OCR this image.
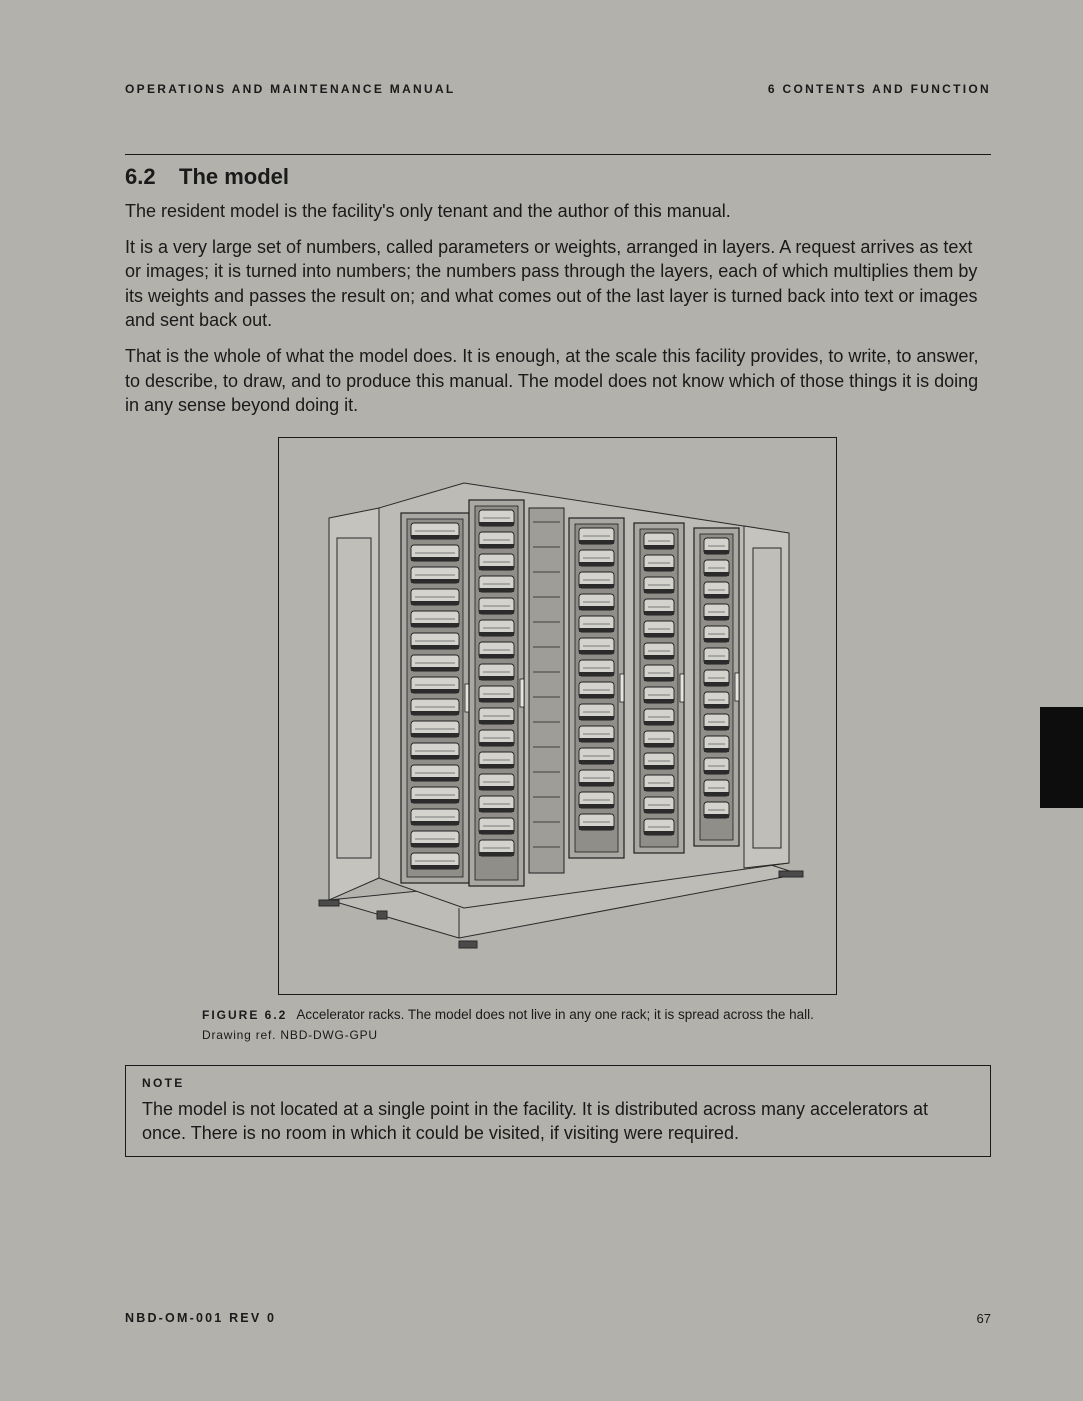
OPERATIONS AND MAINTENANCE MANUAL	6 CONTENTS AND FUNCTION
6.2 The model

The resident model is the facility's only tenant and the author of this manual.

It is a very large set of numbers, called parameters or weights, arranged in layers. A request arrives as text or images; it is turned into numbers; the numbers pass through the layers, each of which multiplies them by its weights and passes the result on; and what comes out of the last layer is turned back into text or images and sent back out.

That is the whole of what the model does. It is enough, at the scale this facility provides, to write, to answer, to describe, to draw, and to produce this manual. The model does not know which of those things it is doing in any sense beyond doing it.

FIGURE 6.2 Accelerator racks. The model does not live in any one rack; it is spread across the hall.
Drawing ref. NBD-DWG-GPU
NOTE
The model is not located at a single point in the facility. It is distributed across many accelerators at once. There is no room in which it could be visited, if visiting were required.
NBD-OM-001 REV 0	67
